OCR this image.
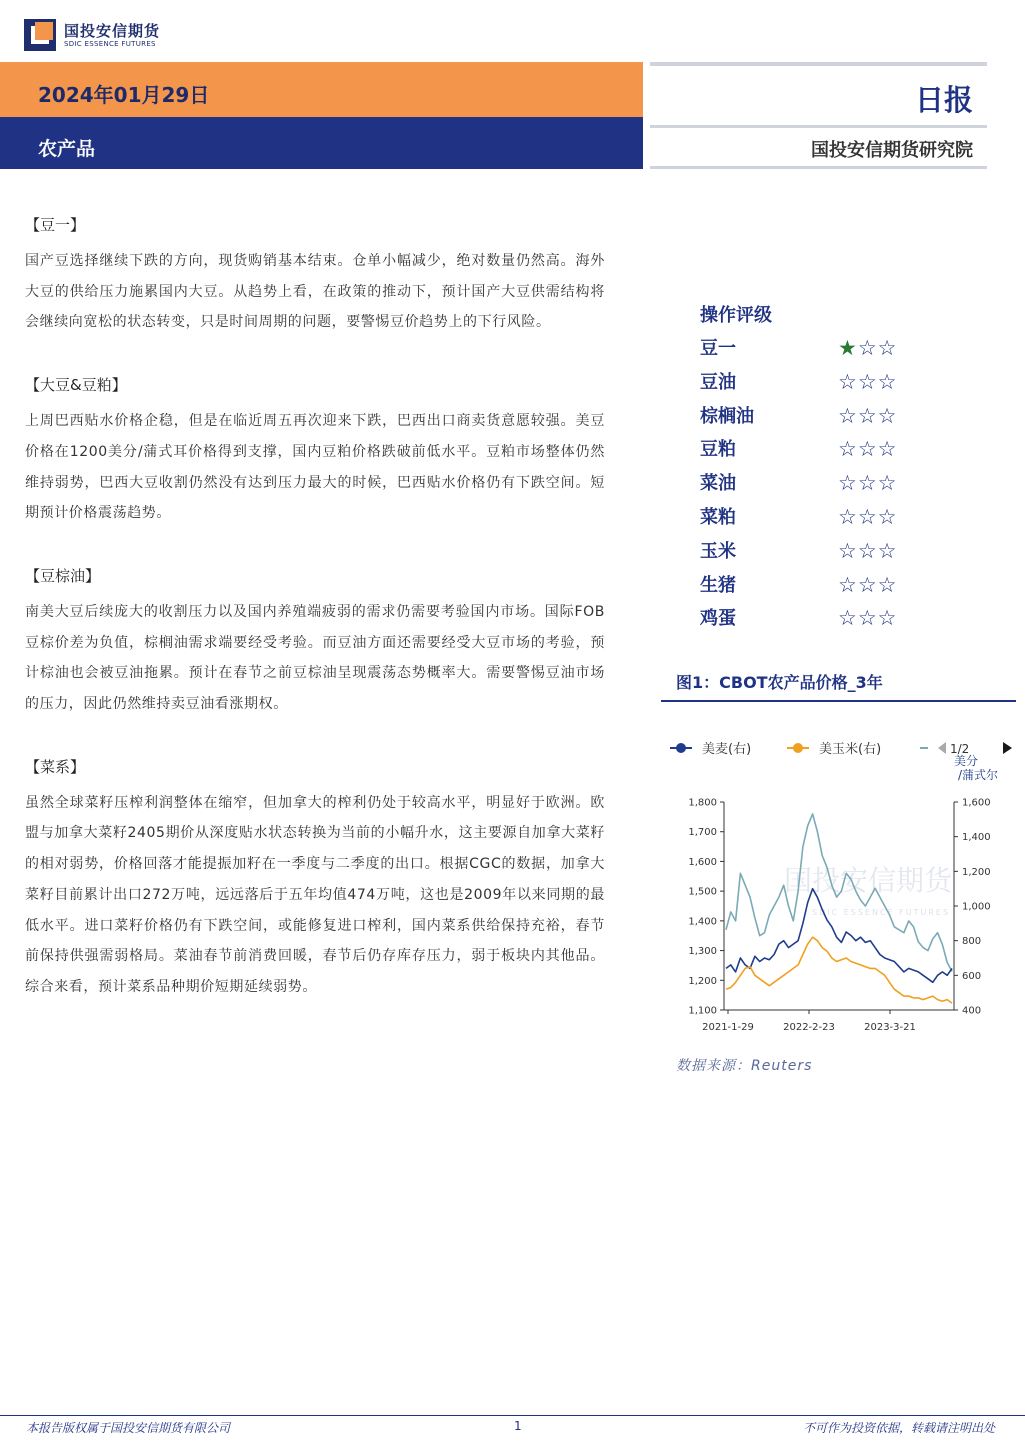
国投安信期货
SDIC ESSENCE FUTURES
2024年01月29日
农产品
日报
国投安信期货研究院
【豆一】
国产豆选择继续下跌的方向，现货购销基本结束。仓单小幅减少，绝对数量仍然高。海外大豆的供给压力施累国内大豆。从趋势上看，在政策的推动下，预计国产大豆供需结构将会继续向宽松的状态转变，只是时间周期的问题，要警惕豆价趋势上的下行风险。
【大豆&豆粕】
上周巴西贴水价格企稳，但是在临近周五再次迎来下跌，巴西出口商卖货意愿较强。美豆价格在1200美分/蒲式耳价格得到支撑，国内豆粕价格跌破前低水平。豆粕市场整体仍然维持弱势，巴西大豆收割仍然没有达到压力最大的时候，巴西贴水价格仍有下跌空间。短期预计价格震荡趋势。
【豆棕油】
南美大豆后续庞大的收割压力以及国内养殖端疲弱的需求仍需要考验国内市场。国际FOB豆棕价差为负值，棕榈油需求端要经受考验。而豆油方面还需要经受大豆市场的考验，预计棕油也会被豆油拖累。预计在春节之前豆棕油呈现震荡态势概率大。需要警惕豆油市场的压力，因此仍然维持卖豆油看涨期权。
【菜系】
虽然全球菜籽压榨利润整体在缩窄，但加拿大的榨利仍处于较高水平，明显好于欧洲。欧盟与加拿大菜籽2405期价从深度贴水状态转换为当前的小幅升水，这主要源自加拿大菜籽的相对弱势，价格回落才能提振加籽在一季度与二季度的出口。根据CGC的数据，加拿大菜籽目前累计出口272万吨，远远落后于五年均值474万吨，这也是2009年以来同期的最低水平。进口菜籽价格仍有下跌空间，或能修复进口榨利，国内菜系供给保持充裕，春节前保持供强需弱格局。菜油春节前消费回暖，春节后仍存库存压力，弱于板块内其他品。综合来看，预计菜系品种期价短期延续弱势。
操作评级
豆一	★☆☆
豆油	☆☆☆
棕榈油	☆☆☆
豆粕	☆☆☆
菜油	☆☆☆
菜粕	☆☆☆
玉米	☆☆☆
生猪	☆☆☆
鸡蛋	☆☆☆
图1：CBOT农产品价格_3年
美麦(右)	美玉米(右)	1/2
美分
/蒲式尔
国投安信期货
SDIC ESSENCE FUTURES
1,100
1,200
1,300
1,400
1,500
1,600
1,700
1,800
400
600
800
1,000
1,200
1,400
1,600
2021-1-29	2022-2-23	2023-3-21
数据来源：Reuters
本报告版权属于国投安信期货有限公司	1	不可作为投资依据，转载请注明出处
